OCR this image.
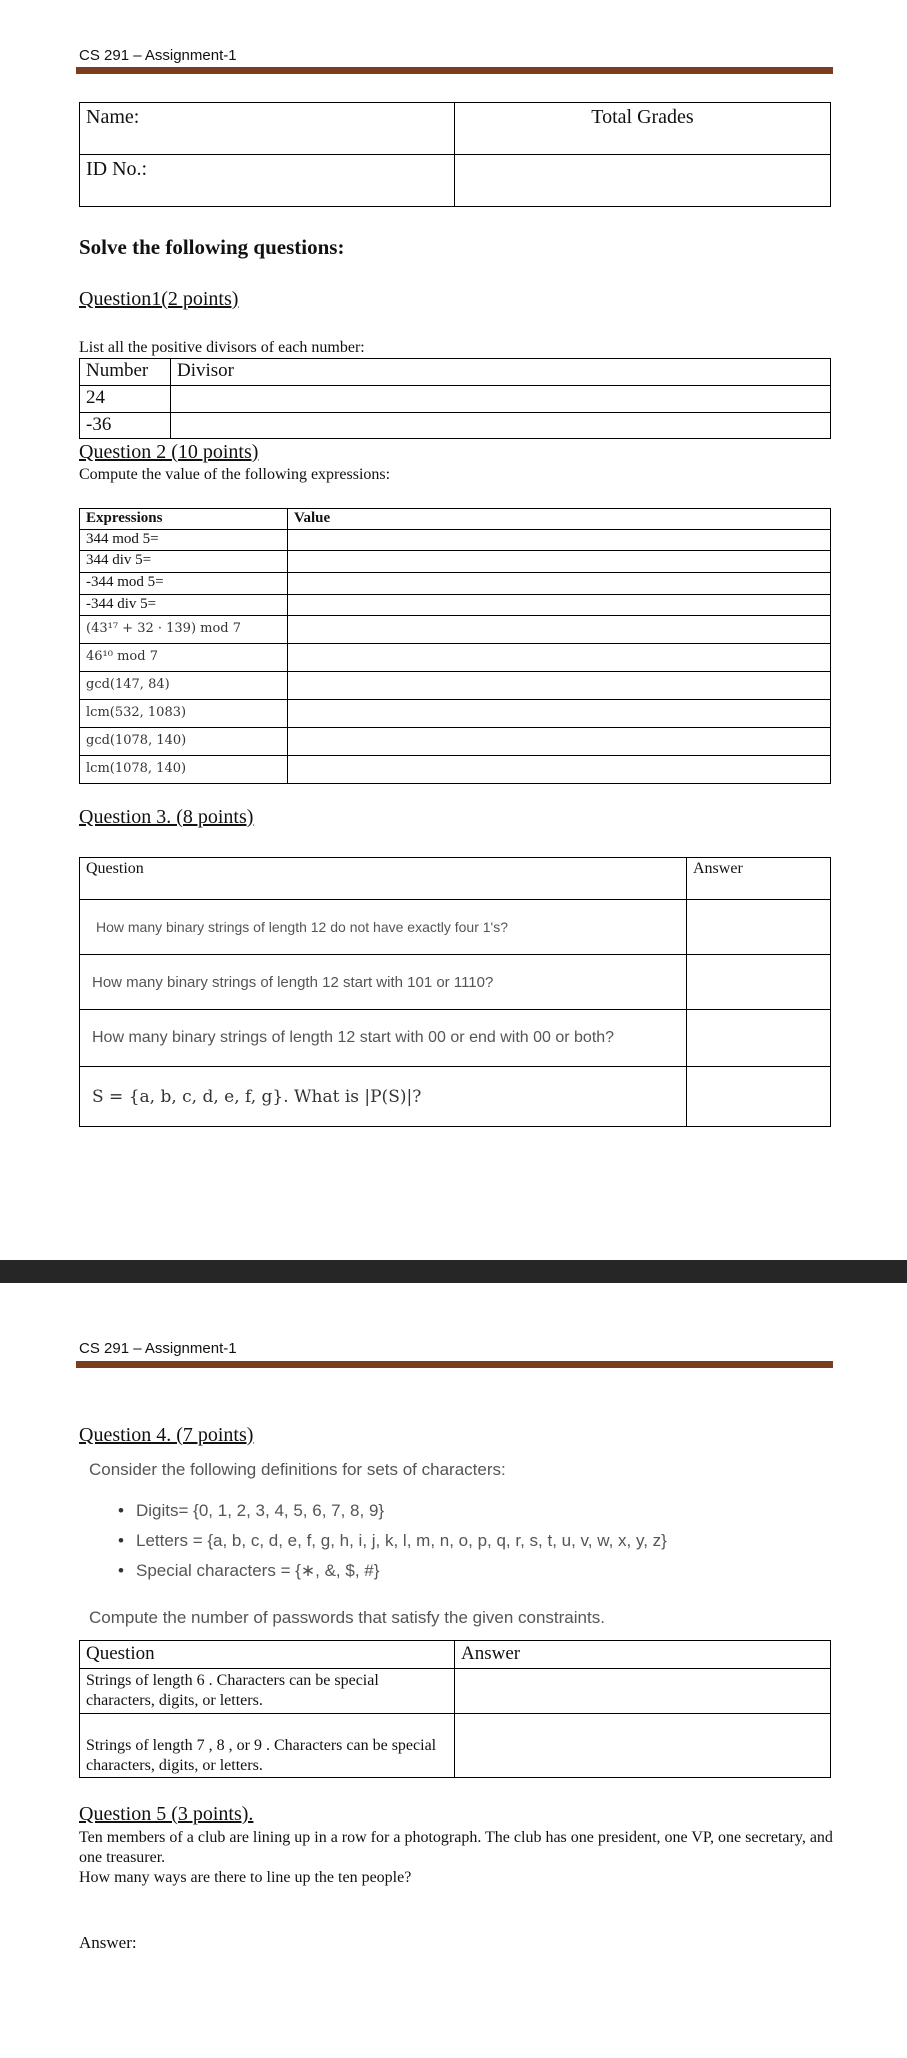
CS 291 – Assignment-1
Name:	Total Grades
ID No.:	
Solve the following questions:
Question1(2 points)
List all the positive divisors of each number:
Number	Divisor
24	
-36	
Question 2 (10 points)
Compute the value of the following expressions:
Expressions	Value
344 mod 5=	
344 div 5=	
-344 mod 5=	
-344 div 5=	
(43¹⁷ + 32 · 139) mod 7	
46¹⁰ mod 7	
gcd(147, 84)	
lcm(532, 1083)	
gcd(1078, 140)	
lcm(1078, 140)	
Question 3. (8 points)
Question	Answer
How many binary strings of length 12 do not have exactly four 1's?	
How many binary strings of length 12 start with 101 or 1110?	
How many binary strings of length 12 start with 00 or end with 00 or both?	
S = {a, b, c, d, e, f, g}. What is |P(S)|?	
CS 291 – Assignment-1
Question 4. (7 points)
Consider the following definitions for sets of characters:
• Digits= {0, 1, 2, 3, 4, 5, 6, 7, 8, 9}
• Letters = {a, b, c, d, e, f, g, h, i, j, k, l, m, n, o, p, q, r, s, t, u, v, w, x, y, z}
• Special characters = {∗, &, $, #}
Compute the number of passwords that satisfy the given constraints.
Question	Answer
Strings of length 6 . Characters can be special characters, digits, or letters.	
Strings of length 7 , 8 , or 9 . Characters can be special characters, digits, or letters.	
Question 5 (3 points).
Ten members of a club are lining up in a row for a photograph. The club has one president, one VP, one secretary, and one treasurer.
How many ways are there to line up the ten people?
Answer:
